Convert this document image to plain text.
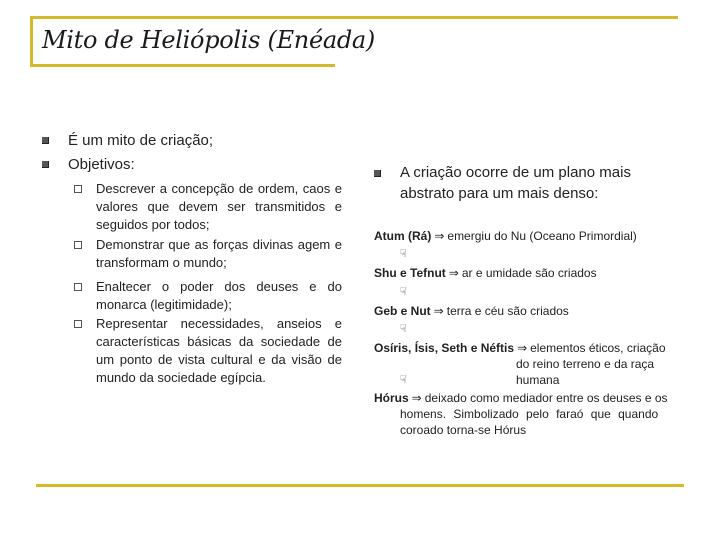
Mito de Heliópolis (Enéada)
É um mito de criação;
Objetivos:
Descrever a concepção de ordem, caos e valores que devem ser transmitidos e seguidos por todos;
Demonstrar que as forças divinas agem e transformam o mundo;
Enaltecer o poder dos deuses e do monarca (legitimidade);
Representar necessidades, anseios e características básicas da sociedade de um ponto de vista cultural e da visão de mundo da sociedade egípcia.
A criação ocorre de um plano mais abstrato para um mais denso:
Atum (Rá) ⇒ emergiu do Nu (Oceano Primordial)
☟
Shu e Tefnut ⇒ ar e umidade são criados
☟
Geb e Nut ⇒ terra e céu são criados
☟
Osíris, Ísis, Seth e Néftis ⇒ elementos éticos, criação
do reino terreno e da raça
☟	humana
Hórus ⇒ deixado como mediador entre os deuses e os
homens. Simbolizado pelo faraó que quando
coroado torna-se Hórus
